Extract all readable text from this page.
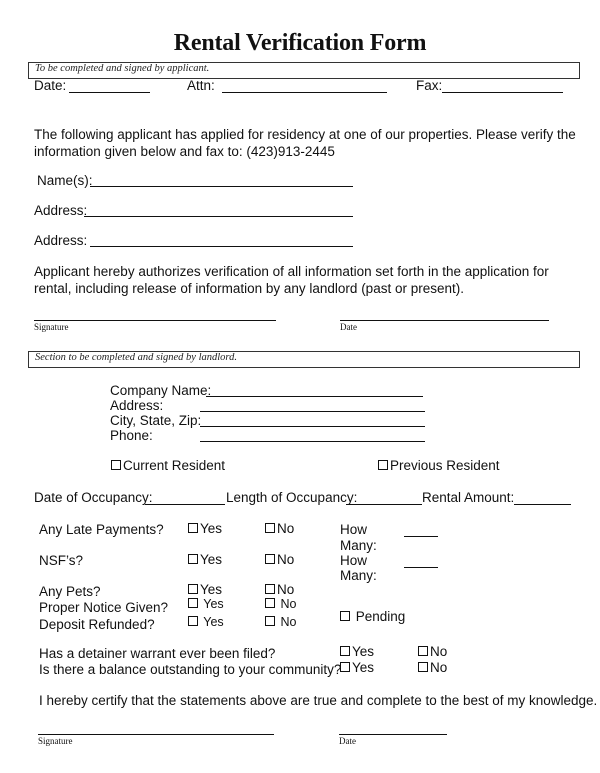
Rental Verification Form
To be completed and signed by applicant.
Date:	Attn:	Fax:
The following applicant has applied for residency at one of our properties. Please verify the
information given below and fax to: (423)913-2445
Name(s):
Address:
Address:
Applicant hereby authorizes verification of all information set forth in the application for
rental, including release of information by any landlord (past or present).
Signature	Date
Section to be completed and signed by landlord.
Company Name:
Address:
City, State, Zip:
Phone:
Current Resident	Previous Resident
Date of Occupancy:	Length of Occupancy:	Rental Amount:
Any Late Payments?	Yes	No	How
Many:
NSF’s?	Yes	No	How
Many:
Any Pets?	Yes	No
Proper Notice Given?	Yes	No
Pending
Deposit Refunded?	Yes	No
Has a detainer warrant ever been filed?	Yes	No
Is there a balance outstanding to your community? Yes	No
I hereby certify that the statements above are true and complete to the best of my knowledge.
Signature	Date
